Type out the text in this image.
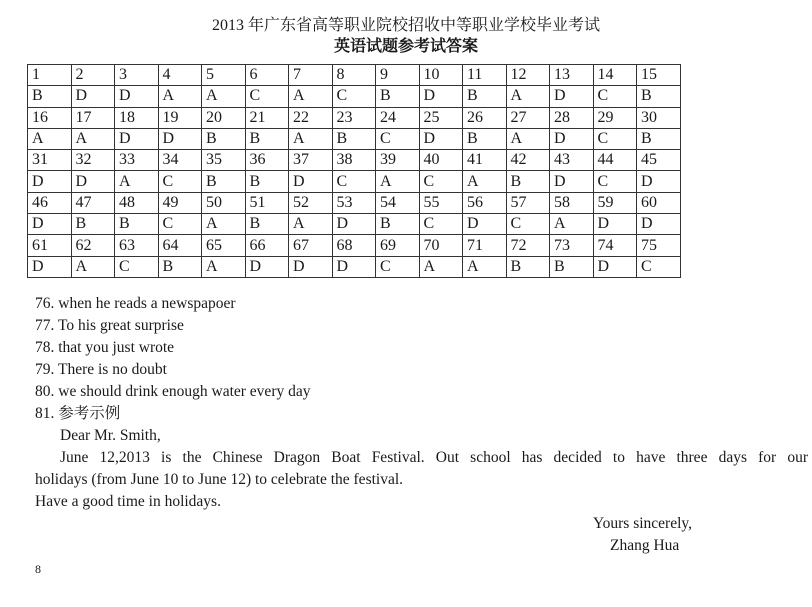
2013 年广东省高等职业院校招收中等职业学校毕业考试
英语试题参考试答案
1	2	3	4	5	6	7	8	9	10	11	12	13	14	15
B	D	D	A	A	C	A	C	B	D	B	A	D	C	B
16	17	18	19	20	21	22	23	24	25	26	27	28	29	30
A	A	D	D	B	B	A	B	C	D	B	A	D	C	B
31	32	33	34	35	36	37	38	39	40	41	42	43	44	45
D	D	A	C	B	B	D	C	A	C	A	B	D	C	D
46	47	48	49	50	51	52	53	54	55	56	57	58	59	60
D	B	B	C	A	B	A	D	B	C	D	C	A	D	D
61	62	63	64	65	66	67	68	69	70	71	72	73	74	75
D	A	C	B	A	D	D	D	C	A	A	B	B	D	C
76. when he reads a newspapoer
77. To his great surprise
78. that you just wrote
79. There is no doubt
80. we should drink enough water every day
81. 参考示例
Dear Mr. Smith,
June 12,2013 is the Chinese Dragon Boat Festival. Out school has decided to have three days for our
holidays (from June 10 to June 12) to celebrate the festival.
Have a good time in holidays.
Yours sincerely,
Zhang Hua
8
